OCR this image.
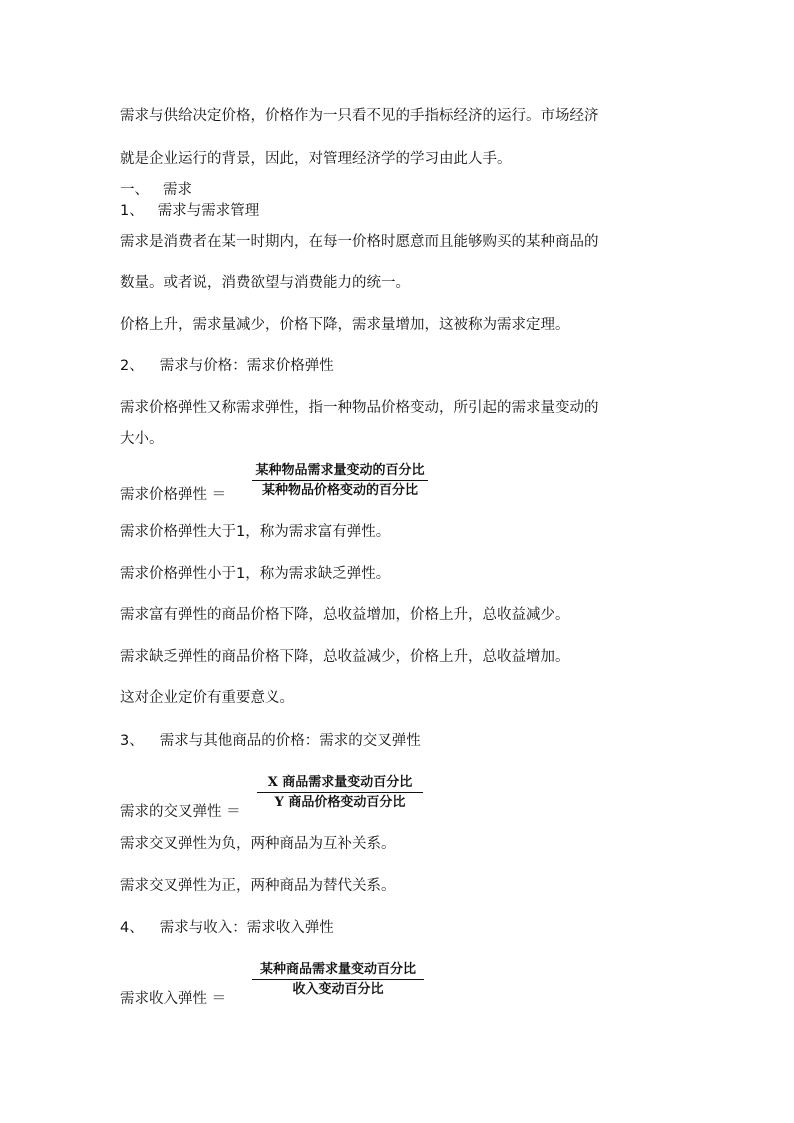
需求与供给决定价格，价格作为一只看不见的手指标经济的运行。市场经济
就是企业运行的背景，因此，对管理经济学的学习由此人手。
一、 需求
1、 需求与需求管理
需求是消费者在某一时期内，在每一价格时愿意而且能够购买的某种商品的
数量。或者说，消费欲望与消费能力的统一。
价格上升，需求量减少，价格下降，需求量增加，这被称为需求定理。
2、 需求与价格：需求价格弹性
需求价格弹性又称需求弹性，指一种物品价格变动，所引起的需求量变动的
大小。
需求价格弹性 ＝
某种物品需求量变动的百分比
某种物品价格变动的百分比
需求价格弹性大于1，称为需求富有弹性。
需求价格弹性小于1，称为需求缺乏弹性。
需求富有弹性的商品价格下降，总收益增加，价格上升，总收益减少。
需求缺乏弹性的商品价格下降，总收益减少，价格上升，总收益增加。
这对企业定价有重要意义。
3、 需求与其他商品的价格：需求的交叉弹性
需求的交叉弹性 ＝
X 商品需求量变动百分比
Y 商品价格变动百分比
需求交叉弹性为负，两种商品为互补关系。
需求交叉弹性为正，两种商品为替代关系。
4、 需求与收入：需求收入弹性
需求收入弹性 ＝
某种商品需求量变动百分比
收入变动百分比
